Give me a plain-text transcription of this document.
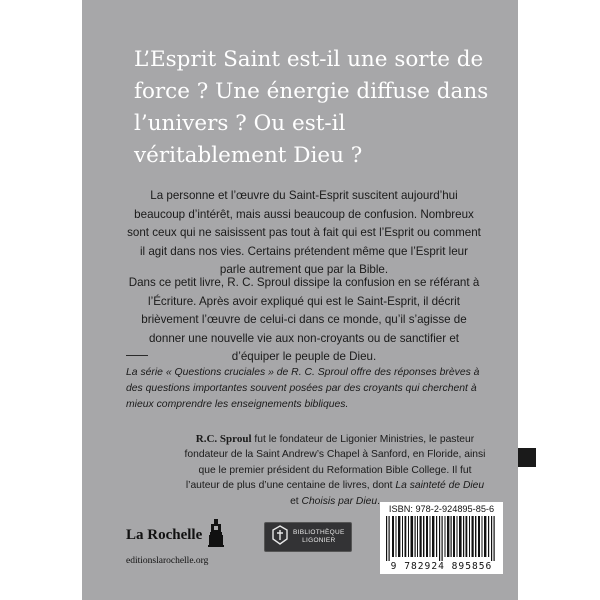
L’Esprit Saint est-il une sorte de force ? Une énergie diffuse dans l’univers ? Ou est-il véritablement Dieu ?

La personne et l’œuvre du Saint-Esprit suscitent aujourd’hui beaucoup d’intérêt, mais aussi beaucoup de confusion. Nombreux sont ceux qui ne saisissent pas tout à fait qui est l’Esprit ou comment il agit dans nos vies. Certains prétendent même que l’Esprit leur parle autrement que par la Bible.

Dans ce petit livre, R. C. Sproul dissipe la confusion en se référant à l’Écriture. Après avoir expliqué qui est le Saint-Esprit, il décrit brièvement l’œuvre de celui-ci dans ce monde, qu’il s’agisse de donner une nouvelle vie aux non-croyants ou de sanctifier et d’équiper le peuple de Dieu.

La série « Questions cruciales » de R. C. Sproul offre des réponses brèves à des questions importantes souvent posées par des croyants qui cherchent à mieux comprendre les enseignements bibliques.

R.C. Sproul fut le fondateur de Ligonier Ministries, le pasteur fondateur de la Saint Andrew’s Chapel à Sanford, en Floride, ainsi que le premier président du Reformation Bible College. Il fut l’auteur de plus d’une centaine de livres, dont La sainteté de Dieu et Choisis par Dieu.

La Rochelle
editionslarochelle.org
BIBLIOTHÈQUE
LIGONIER
ISBN: 978-2-924895-85-6
9 782924 895856
